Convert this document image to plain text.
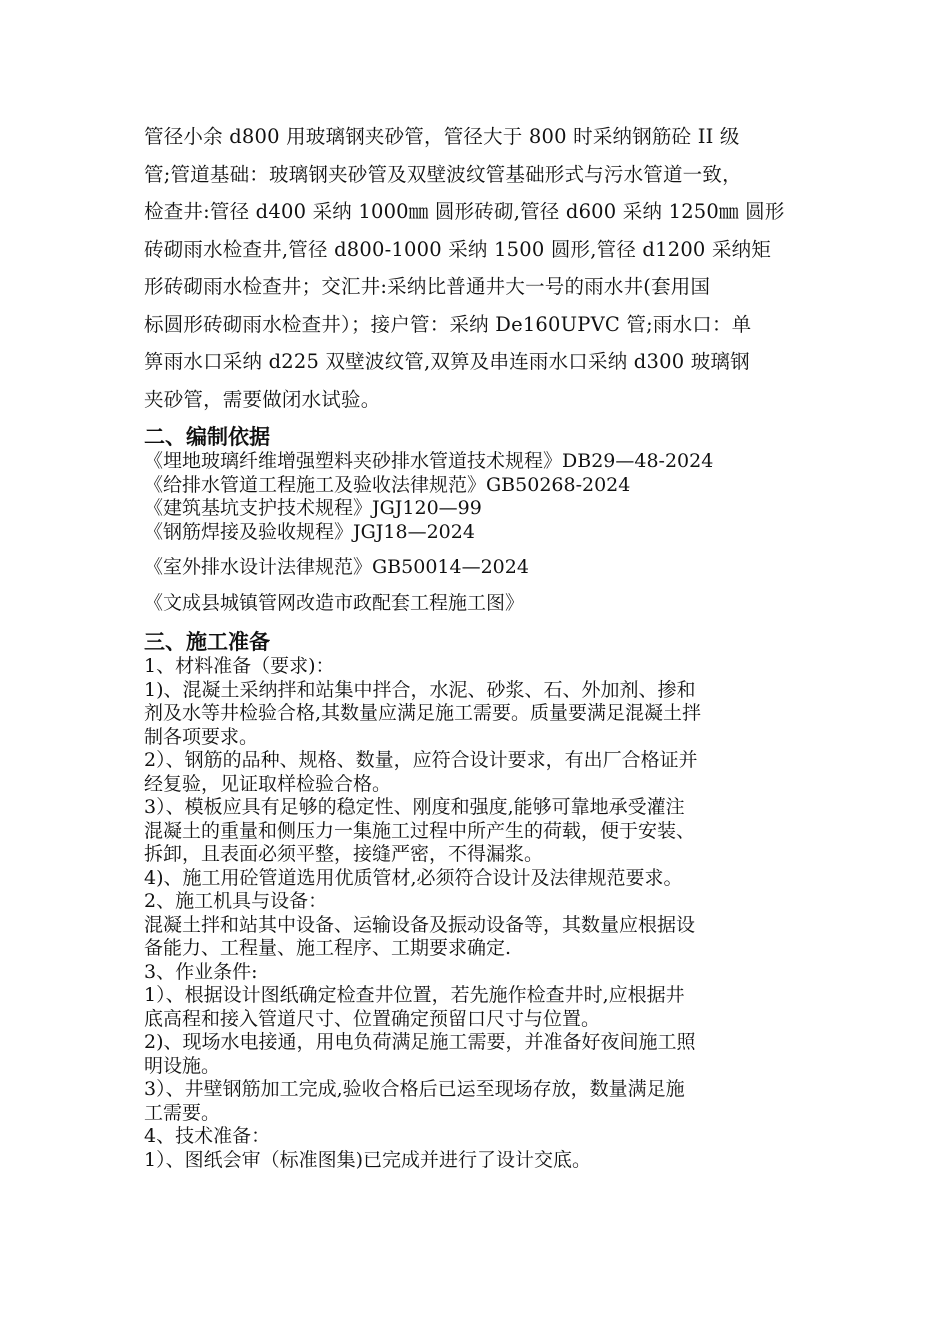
管径小余 d800 用玻璃钢夹砂管，管径大于 800 时采纳钢筋砼 II 级

管;管道基础：玻璃钢夹砂管及双壁波纹管基础形式与污水管道一致，

检查井:管径 d400 采纳 1000㎜ 圆形砖砌,管径 d600 采纳 1250㎜ 圆形

砖砌雨水检查井,管径 d800-1000 采纳 1500 圆形,管径 d1200 采纳矩

形砖砌雨水检查井；交汇井:采纳比普通井大一号的雨水井(套用国

标圆形砖砌雨水检查井）；接户管：采纳 De160UPVC 管;雨水口：单

箅雨水口采纳 d225 双壁波纹管,双箅及串连雨水口采纳 d300 玻璃钢

夹砂管，需要做闭水试验。

二、编制依据

《埋地玻璃纤维增强塑料夹砂排水管道技术规程》DB29—48-2024

《给排水管道工程施工及验收法律规范》GB50268-2024

《建筑基坑支护技术规程》JGJ120—99

《钢筋焊接及验收规程》JGJ18—2024

《室外排水设计法律规范》GB50014—2024

《文成县城镇管网改造市政配套工程施工图》

三、施工准备

1、材料准备（要求)：

1)、混凝土采纳拌和站集中拌合，水泥、砂浆、石、外加剂、掺和

剂及水等井检验合格,其数量应满足施工需要。质量要满足混凝土拌

制各项要求。

2）、钢筋的品种、规格、数量，应符合设计要求，有出厂合格证并

经复验，见证取样检验合格。

3）、模板应具有足够的稳定性、刚度和强度,能够可靠地承受灌注

混凝土的重量和侧压力一集施工过程中所产生的荷载，便于安装、

拆卸，且表面必须平整，接缝严密，不得漏浆。

4)、施工用砼管道选用优质管材,必须符合设计及法律规范要求。

2、施工机具与设备：

混凝土拌和站其中设备、运输设备及振动设备等，其数量应根据设

备能力、工程量、施工程序、工期要求确定.

3、作业条件:

1）、根据设计图纸确定检查井位置，若先施作检查井时,应根据井

底高程和接入管道尺寸、位置确定预留口尺寸与位置。

2)、现场水电接通，用电负荷满足施工需要，并准备好夜间施工照

明设施。

3）、井壁钢筋加工完成,验收合格后已运至现场存放，数量满足施

工需要。

4、技术准备：

1）、图纸会审（标准图集)已完成并进行了设计交底。
